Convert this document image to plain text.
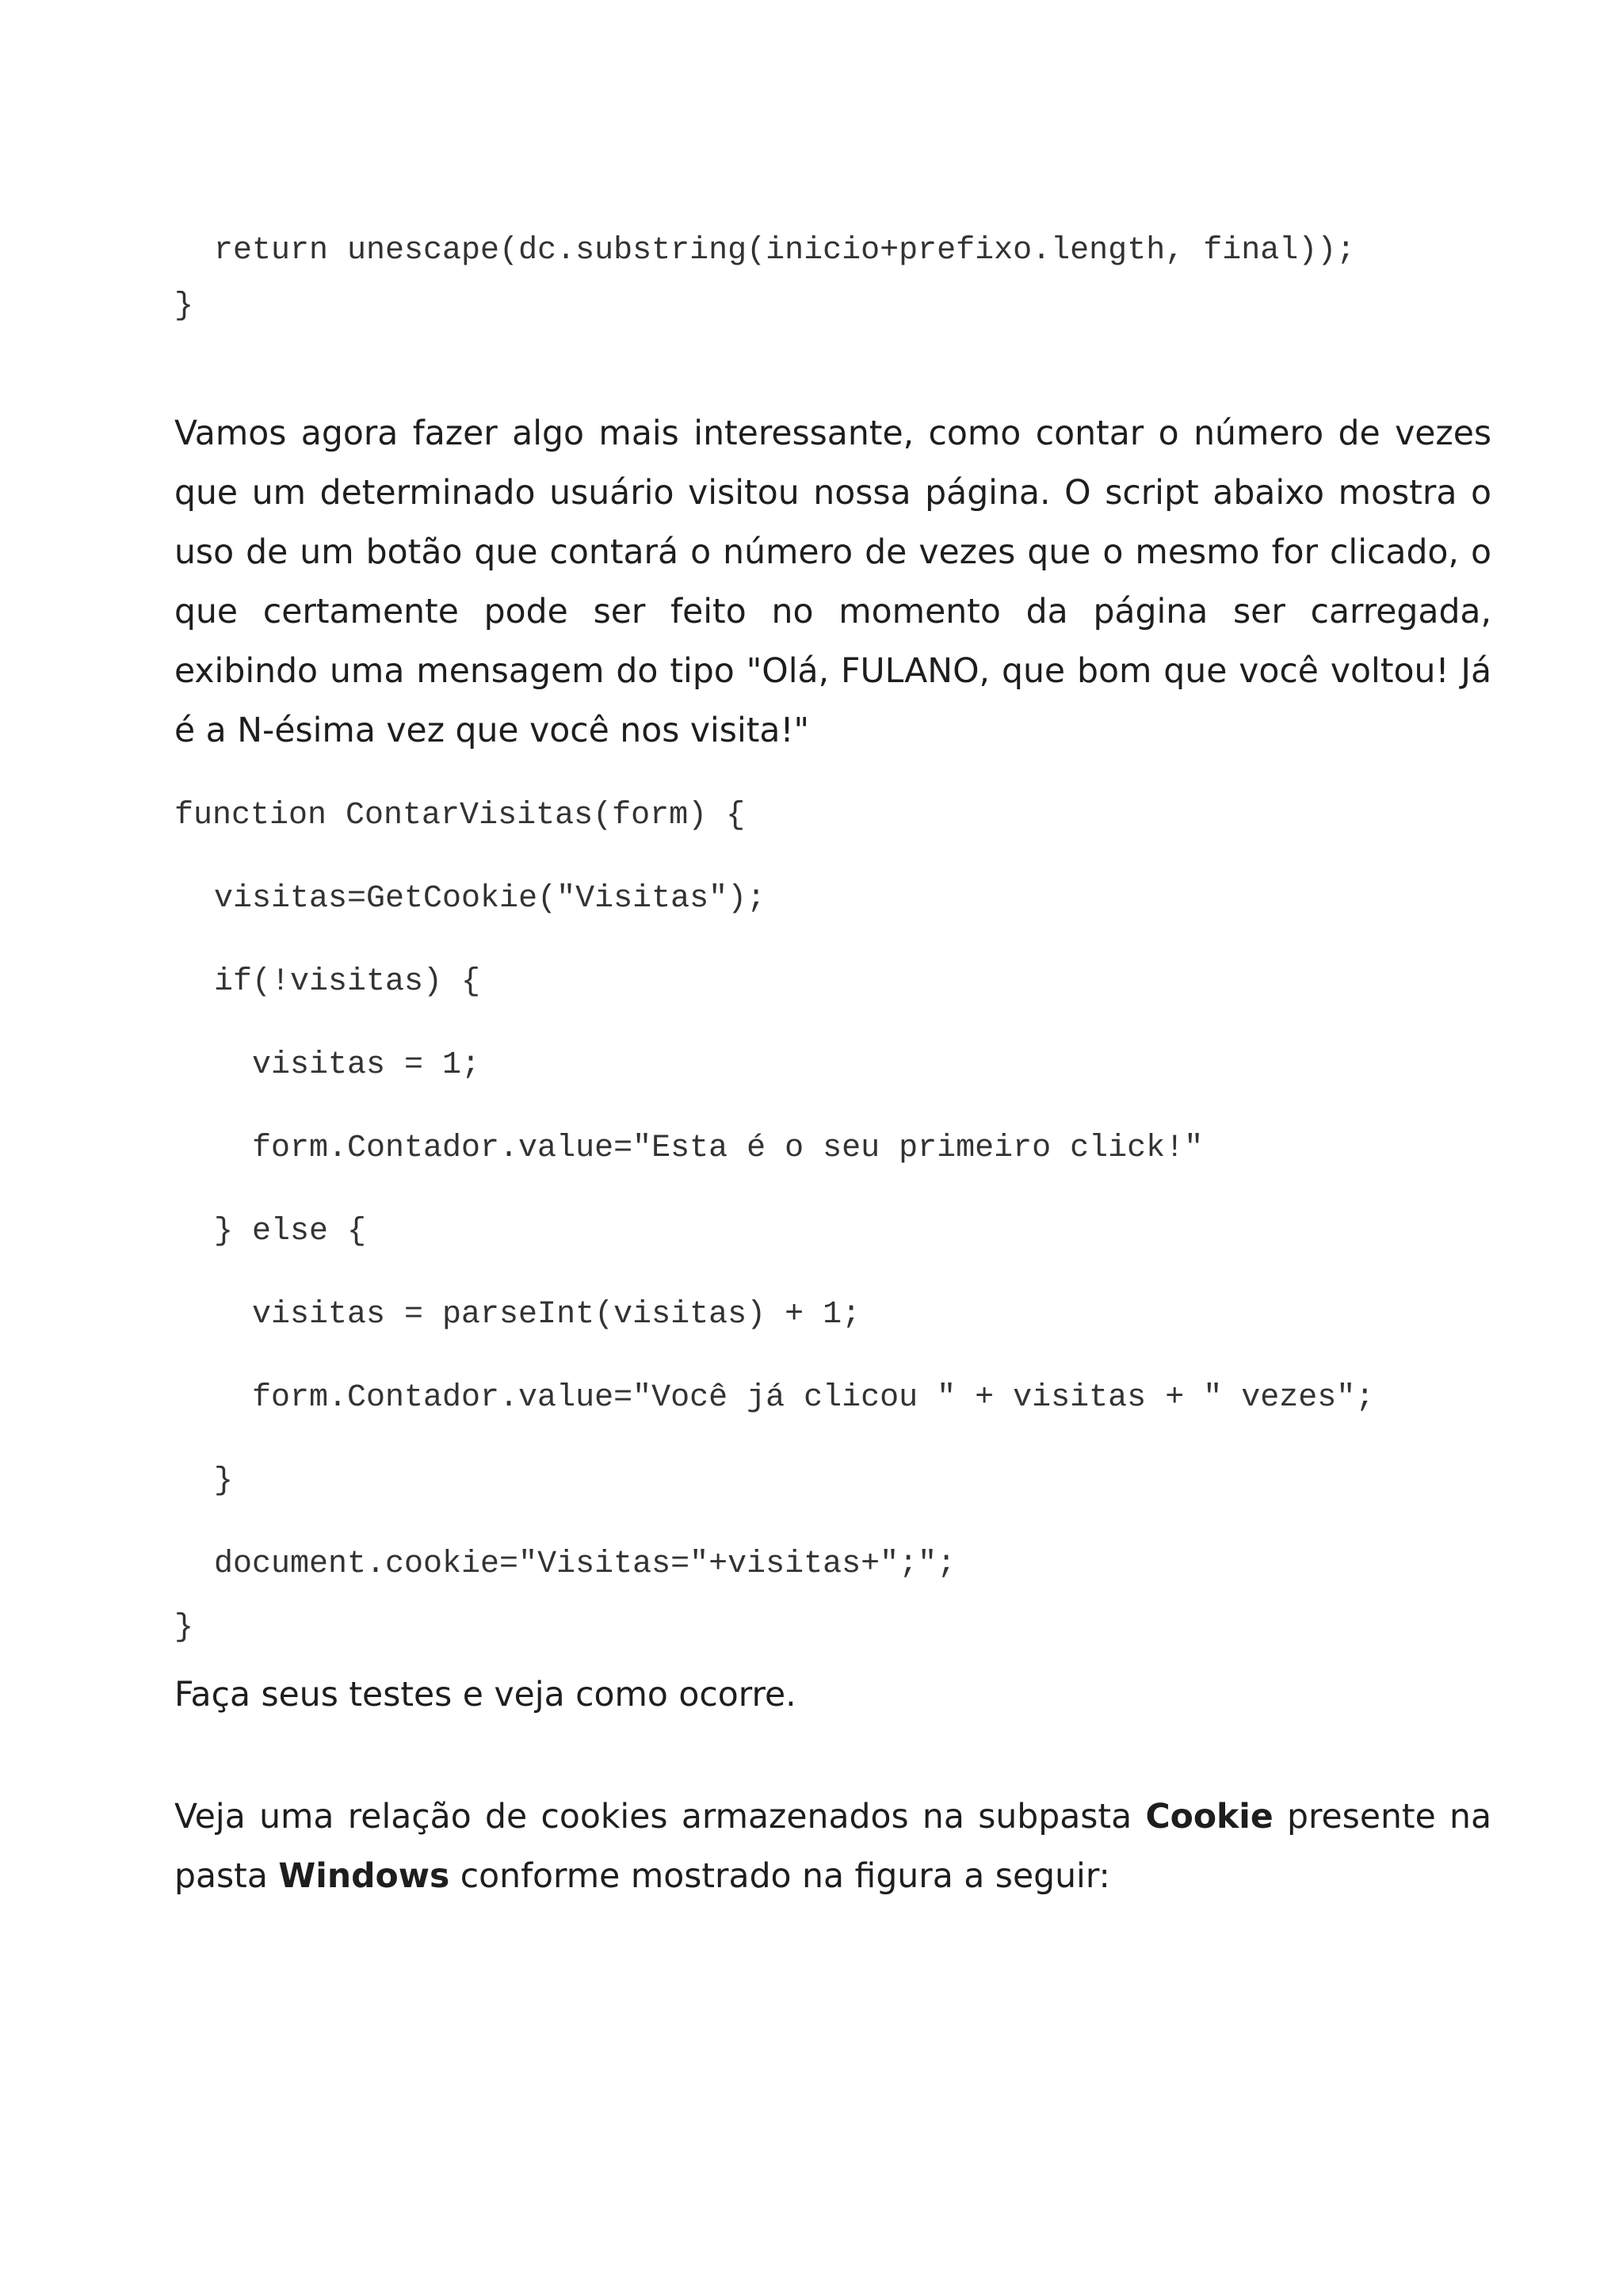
return unescape(dc.substring(inicio+prefixo.length, final));
}

Vamos agora fazer algo mais interessante, como contar o número de vezes que um determinado usuário visitou nossa página. O script abaixo mostra o uso de um botão que contará o número de vezes que o mesmo for clicado, o que certamente pode ser feito no momento da página ser carregada, exibindo uma mensagem do tipo "Olá, FULANO, que bom que você voltou! Já é a N-ésima vez que você nos visita!"

function ContarVisitas(form) {
visitas=GetCookie("Visitas");
if(!visitas) {
visitas = 1;
form.Contador.value="Esta é o seu primeiro click!"
} else {
visitas = parseInt(visitas) + 1;
form.Contador.value="Você já clicou " + visitas + " vezes";
}
document.cookie="Visitas="+visitas+";";
}

Faça seus testes e veja como ocorre.

Veja uma relação de cookies armazenados na subpasta Cookie presente na pasta Windows conforme mostrado na figura a seguir:
